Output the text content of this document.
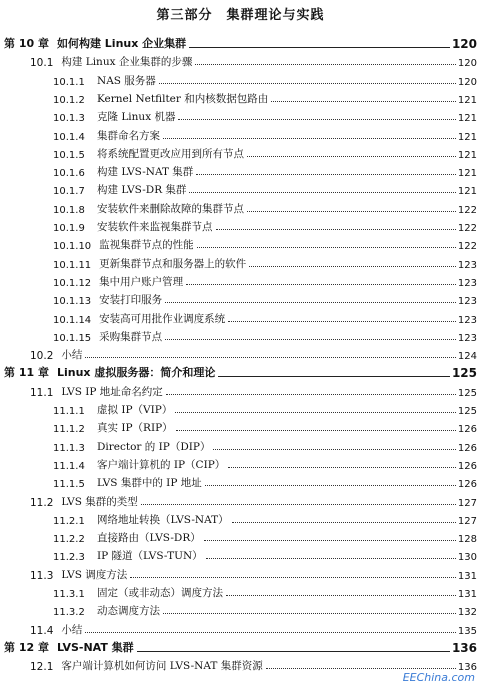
第三部分　集群理论与实践
第 10 章 如何构建 Linux 企业集群	120
10.1 构建 Linux 企业集群的步骤	120
10.1.1	NAS 服务器	120
10.1.2	Kernel Netfilter 和内核数据包路由	121
10.1.3	克隆 Linux 机器	121
10.1.4	集群命名方案	121
10.1.5	将系统配置更改应用到所有节点	121
10.1.6	构建 LVS-NAT 集群	121
10.1.7	构建 LVS-DR 集群	121
10.1.8	安装软件来删除故障的集群节点	122
10.1.9	安装软件来监视集群节点	122
10.1.10 监视集群节点的性能	122
10.1.11 更新集群节点和服务器上的软件	123
10.1.12 集中用户账户管理	123
10.1.13 安装打印服务	123
10.1.14 安装高可用批作业调度系统	123
10.1.15 采购集群节点	123
10.2 小结	124
第 11 章 Linux 虚拟服务器：简介和理论	125
11.1 LVS IP 地址命名约定	125
11.1.1	虚拟 IP（VIP）	125
11.1.2	真实 IP（RIP）	126
11.1.3	Director 的 IP（DIP）	126
11.1.4	客户端计算机的 IP（CIP）	126
11.1.5	LVS 集群中的 IP 地址	126
11.2 LVS 集群的类型	127
11.2.1	网络地址转换（LVS-NAT）	127
11.2.2	直接路由（LVS-DR）	128
11.2.3	IP 隧道（LVS-TUN）	130
11.3 LVS 调度方法	131
11.3.1	固定（或非动态）调度方法	131
11.3.2	动态调度方法	132
11.4 小结	135
第 12 章 LVS-NAT 集群	136
12.1 客户端计算机如何访问 LVS-NAT 集群资源	136
EEChina.com
